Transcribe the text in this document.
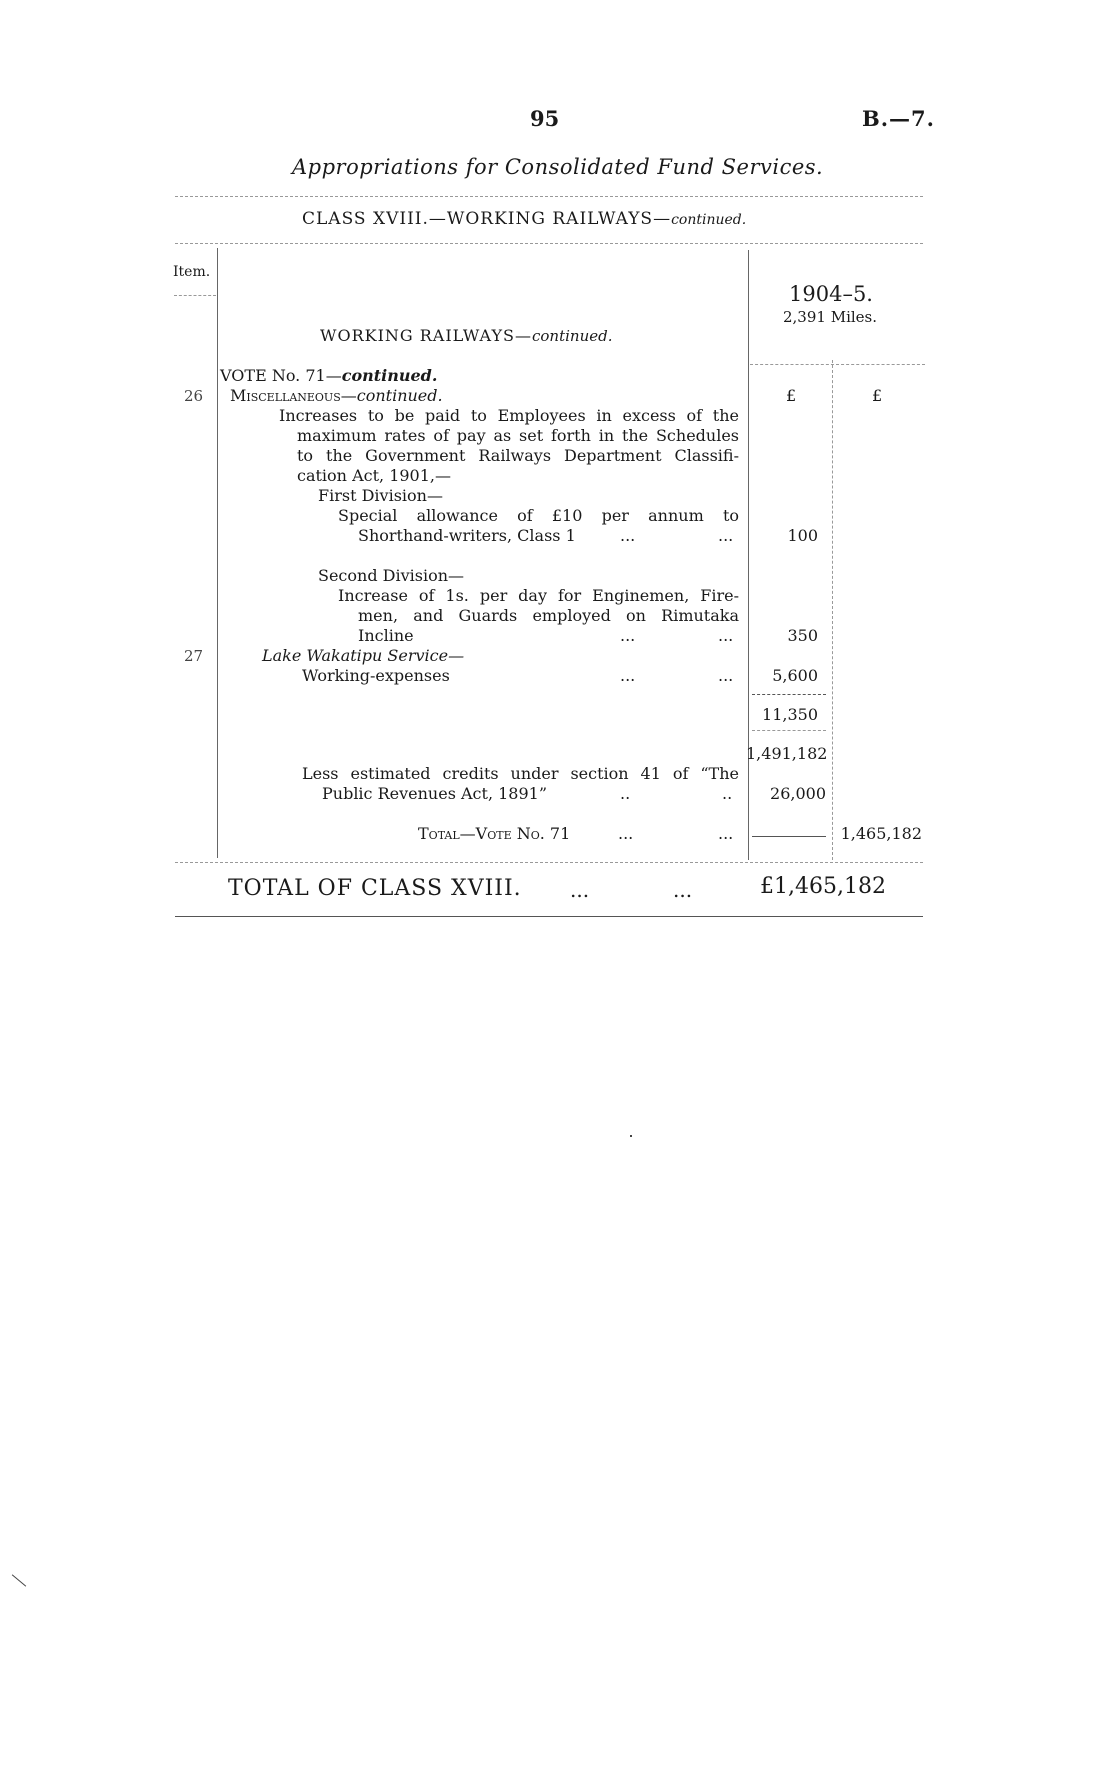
95	B.—7.
Appropriations for Consolidated Fund Services.
CLASS XVIII.—WORKING RAILWAYS—continued.
Item.
1904–5.
2,391 Miles.
WORKING RAILWAYS—continued.
VOTE No. 71—continued.
£	£
26 Miscellaneous—continued.
Increases to be paid to Employees in excess of the
maximum rates of pay as set forth in the Schedules
to the Government Railways Department Classifi-
cation Act, 1901,—
First Division—
Special allowance of £10 per annum to
Shorthand-writers, Class 1	...	...	100
Second Division—
Increase of 1s. per day for Enginemen, Fire-
men, and Guards employed on Rimutaka
Incline	...	...	350
27	Lake Wakatipu Service—
Working-expenses	...	...	5,600
11,350
1,491,182
Less estimated credits under section 41 of “The
Public Revenues Act, 1891”	..	..	26,000
Total—Vote No. 71	...	...	1,465,182
TOTAL OF CLASS XVIII. ...	...	£1,465,182
